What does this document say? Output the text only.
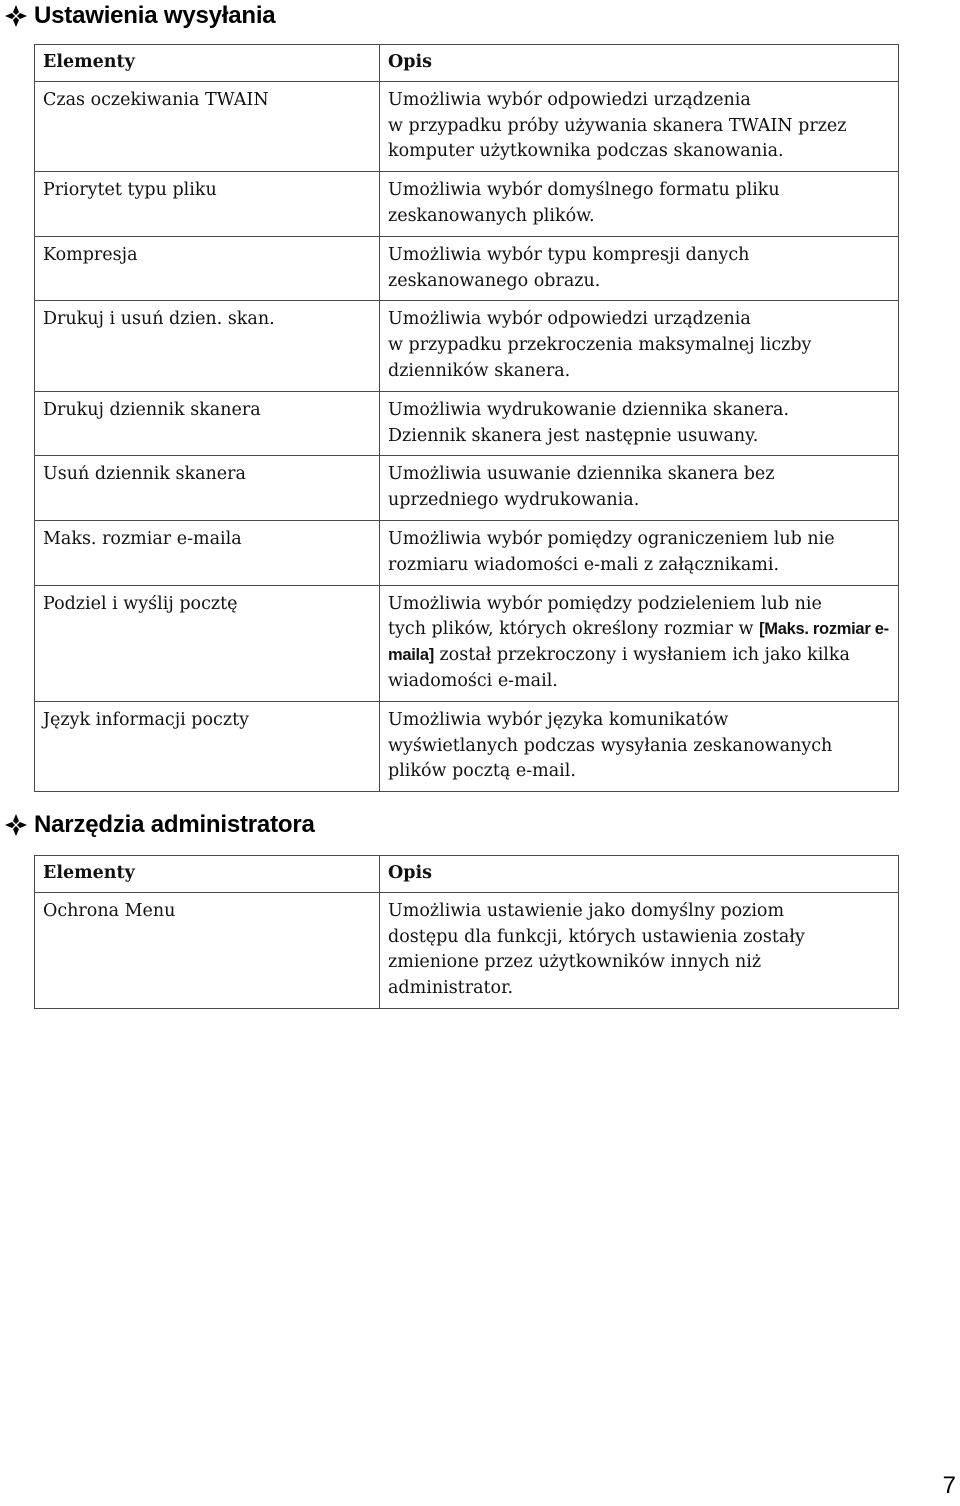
Ustawienia wysyłania
Elementy	Opis
Czas oczekiwania TWAIN	Umożliwia wybór odpowiedzi urządzenia
w przypadku próby używania skanera TWAIN przez
komputer użytkownika podczas skanowania.
Priorytet typu pliku	Umożliwia wybór domyślnego formatu pliku
zeskanowanych plików.
Kompresja	Umożliwia wybór typu kompresji danych
zeskanowanego obrazu.
Drukuj i usuń dzien. skan.	Umożliwia wybór odpowiedzi urządzenia
w przypadku przekroczenia maksymalnej liczby
dzienników skanera.
Drukuj dziennik skanera	Umożliwia wydrukowanie dziennika skanera.
Dziennik skanera jest następnie usuwany.
Usuń dziennik skanera	Umożliwia usuwanie dziennika skanera bez
uprzedniego wydrukowania.
Maks. rozmiar e-maila	Umożliwia wybór pomiędzy ograniczeniem lub nie
rozmiaru wiadomości e-mali z załącznikami.
Podziel i wyślij pocztę	Umożliwia wybór pomiędzy podzieleniem lub nie
tych plików, których określony rozmiar w [Maks. rozmiar e-maila] został przekroczony i wysłaniem ich jako kilka wiadomości e-mail.
Język informacji poczty	Umożliwia wybór języka komunikatów
wyświetlanych podczas wysyłania zeskanowanych
plików pocztą e-mail.
Narzędzia administratora
Elementy	Opis
Ochrona Menu	Umożliwia ustawienie jako domyślny poziom
dostępu dla funkcji, których ustawienia zostały
zmienione przez użytkowników innych niż
administrator.
7
